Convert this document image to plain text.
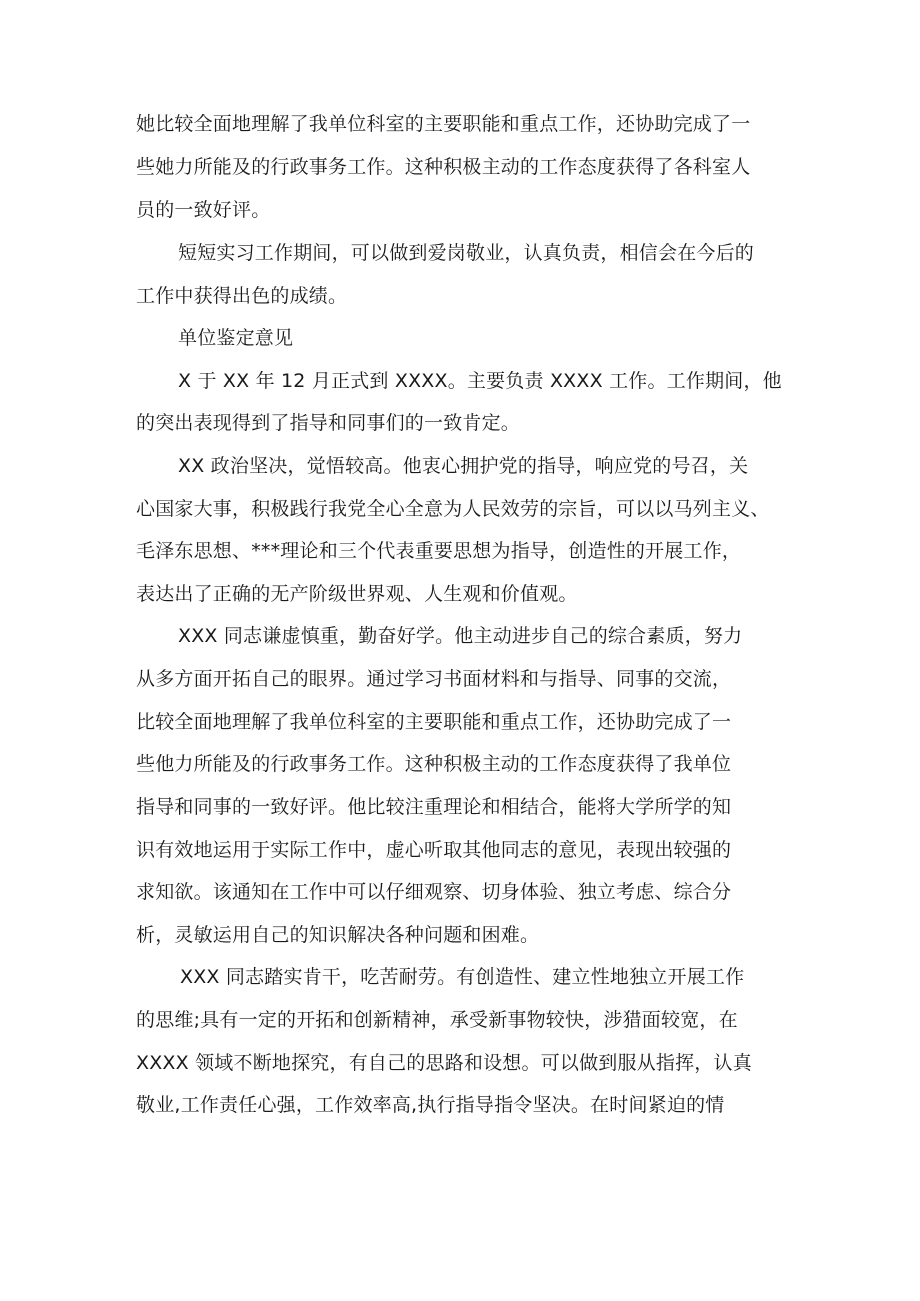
她比较全面地理解了我单位科室的主要职能和重点工作，还协助完成了一
些她力所能及的行政事务工作。这种积极主动的工作态度获得了各科室人
员的一致好评。
短短实习工作期间，可以做到爱岗敬业，认真负责，相信会在今后的
工作中获得出色的成绩。
单位鉴定意见
X 于 XX 年 12 月正式到 XXXX。主要负责 XXXX 工作。工作期间，他
的突出表现得到了指导和同事们的一致肯定。
XX 政治坚决，觉悟较高。他衷心拥护党的指导，响应党的号召，关
心国家大事，积极践行我党全心全意为人民效劳的宗旨，可以以马列主义、
毛泽东思想、***理论和三个代表重要思想为指导，创造性的开展工作，
表达出了正确的无产阶级世界观、人生观和价值观。
XXX 同志谦虚慎重，勤奋好学。他主动进步自己的综合素质，努力
从多方面开拓自己的眼界。通过学习书面材料和与指导、同事的交流，
比较全面地理解了我单位科室的主要职能和重点工作，还协助完成了一
些他力所能及的行政事务工作。这种积极主动的工作态度获得了我单位
指导和同事的一致好评。他比较注重理论和相结合，能将大学所学的知
识有效地运用于实际工作中，虚心听取其他同志的意见，表现出较强的
求知欲。该通知在工作中可以仔细观察、切身体验、独立考虑、综合分
析，灵敏运用自己的知识解决各种问题和困难。
XXX 同志踏实肯干，吃苦耐劳。有创造性、建立性地独立开展工作
的思维;具有一定的开拓和创新精神，承受新事物较快，涉猎面较宽，在
XXXX 领域不断地探究，有自己的思路和设想。可以做到服从指挥，认真
敬业,工作责任心强，工作效率高,执行指导指令坚决。在时间紧迫的情
